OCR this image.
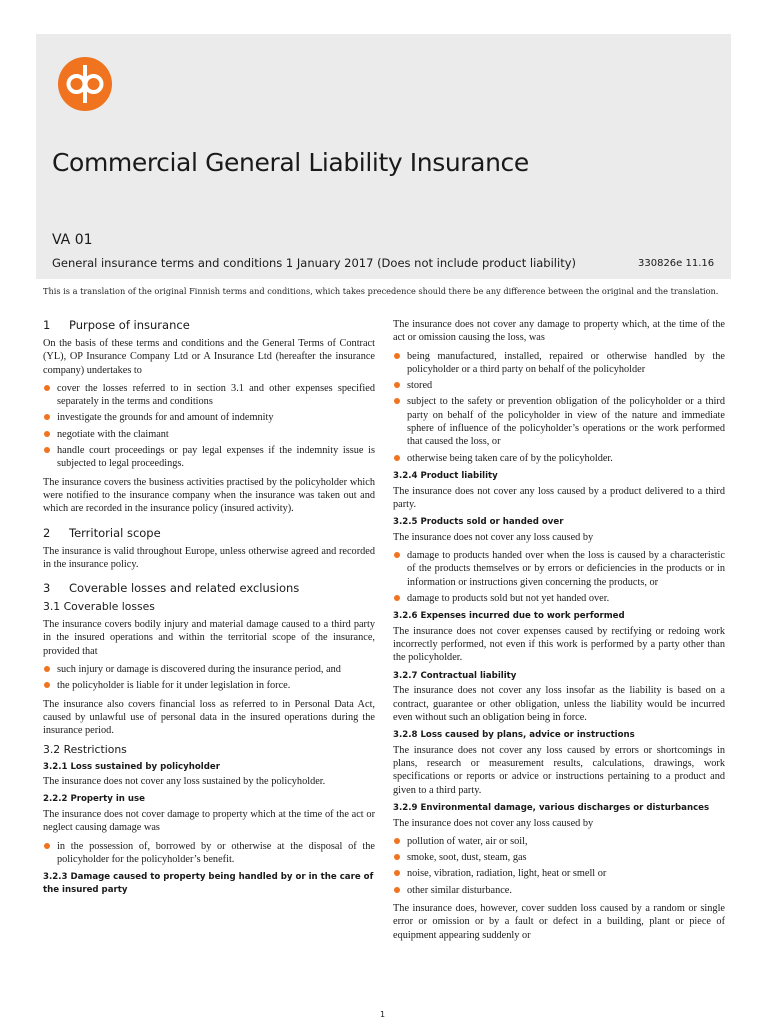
Commercial General Liability Insurance
VA 01
General insurance terms and conditions 1 January 2017 (Does not include product liability)	330826e 11.16
This is a translation of the original Finnish terms and conditions, which takes precedence should there be any difference between the original and the translation.
1 Purpose of insurance

On the basis of these terms and conditions and the General Terms of Contract (YL), OP Insurance Company Ltd or A Insurance Ltd (hereafter the insurance company) undertakes to

cover the losses referred to in section 3.1 and other expenses specified separately in the terms and conditions
investigate the grounds for and amount of indemnity
negotiate with the claimant
handle court proceedings or pay legal expenses if the indemnity issue is subjected to legal proceedings.

The insurance covers the business activities practised by the policyholder which were notified to the insurance company when the insurance was taken out and which are recorded in the insurance policy (insured activity).

2 Territorial scope

The insurance is valid throughout Europe, unless otherwise agreed and recorded in the insurance policy.

3 Coverable losses and related exclusions
3.1 Coverable losses

The insurance covers bodily injury and material damage caused to a third party in the insured operations and within the territorial scope of the insurance, provided that

such injury or damage is discovered during the insurance period, and
the policyholder is liable for it under legislation in force.

The insurance also covers financial loss as referred to in Personal Data Act, caused by unlawful use of personal data in the insured operations during the insurance period.

3.2 Restrictions
3.2.1 Loss sustained by policyholder

The insurance does not cover any loss sustained by the policyholder.

2.2.2 Property in use

The insurance does not cover damage to property which at the time of the act or neglect causing damage was

in the possession of, borrowed by or otherwise at the disposal of the policyholder for the policyholder’s benefit.
3.2.3 Damage caused to property being handled by or in the care of the insured party

The insurance does not cover any damage to property which, at the time of the act or omission causing the loss, was

being manufactured, installed, repaired or otherwise handled by the policyholder or a third party on behalf of the policyholder
stored
subject to the safety or prevention obligation of the policyholder or a third party on behalf of the policyholder in view of the nature and immediate sphere of influence of the policyholder’s operations or the work performed that caused the loss, or
otherwise being taken care of by the policyholder.
3.2.4 Product liability

The insurance does not cover any loss caused by a product delivered to a third party.

3.2.5 Products sold or handed over

The insurance does not cover any loss caused by

damage to products handed over when the loss is caused by a characteristic of the products themselves or by errors or deficiencies in the products or in information or instructions given concerning the products, or
damage to products sold but not yet handed over.
3.2.6 Expenses incurred due to work performed

The insurance does not cover expenses caused by rectifying or redoing work incorrectly performed, not even if this work is performed by a party other than the policyholder.

3.2.7 Contractual liability

The insurance does not cover any loss insofar as the liability is based on a contract, guarantee or other obligation, unless the liability would be incurred even without such an obligation being in force.

3.2.8 Loss caused by plans, advice or instructions

The insurance does not cover any loss caused by errors or shortcomings in plans, research or measurement results, calculations, drawings, work specifications or reports or advice or instructions pertaining to a product and given to a third party.

3.2.9 Environmental damage, various discharges or disturbances

The insurance does not cover any loss caused by

pollution of water, air or soil,
smoke, soot, dust, steam, gas
noise, vibration, radiation, light, heat or smell or
other similar disturbance.

The insurance does, however, cover sudden loss caused by a random or single error or omission or by a fault or defect in a building, plant or piece of equipment appearing suddenly or

1
